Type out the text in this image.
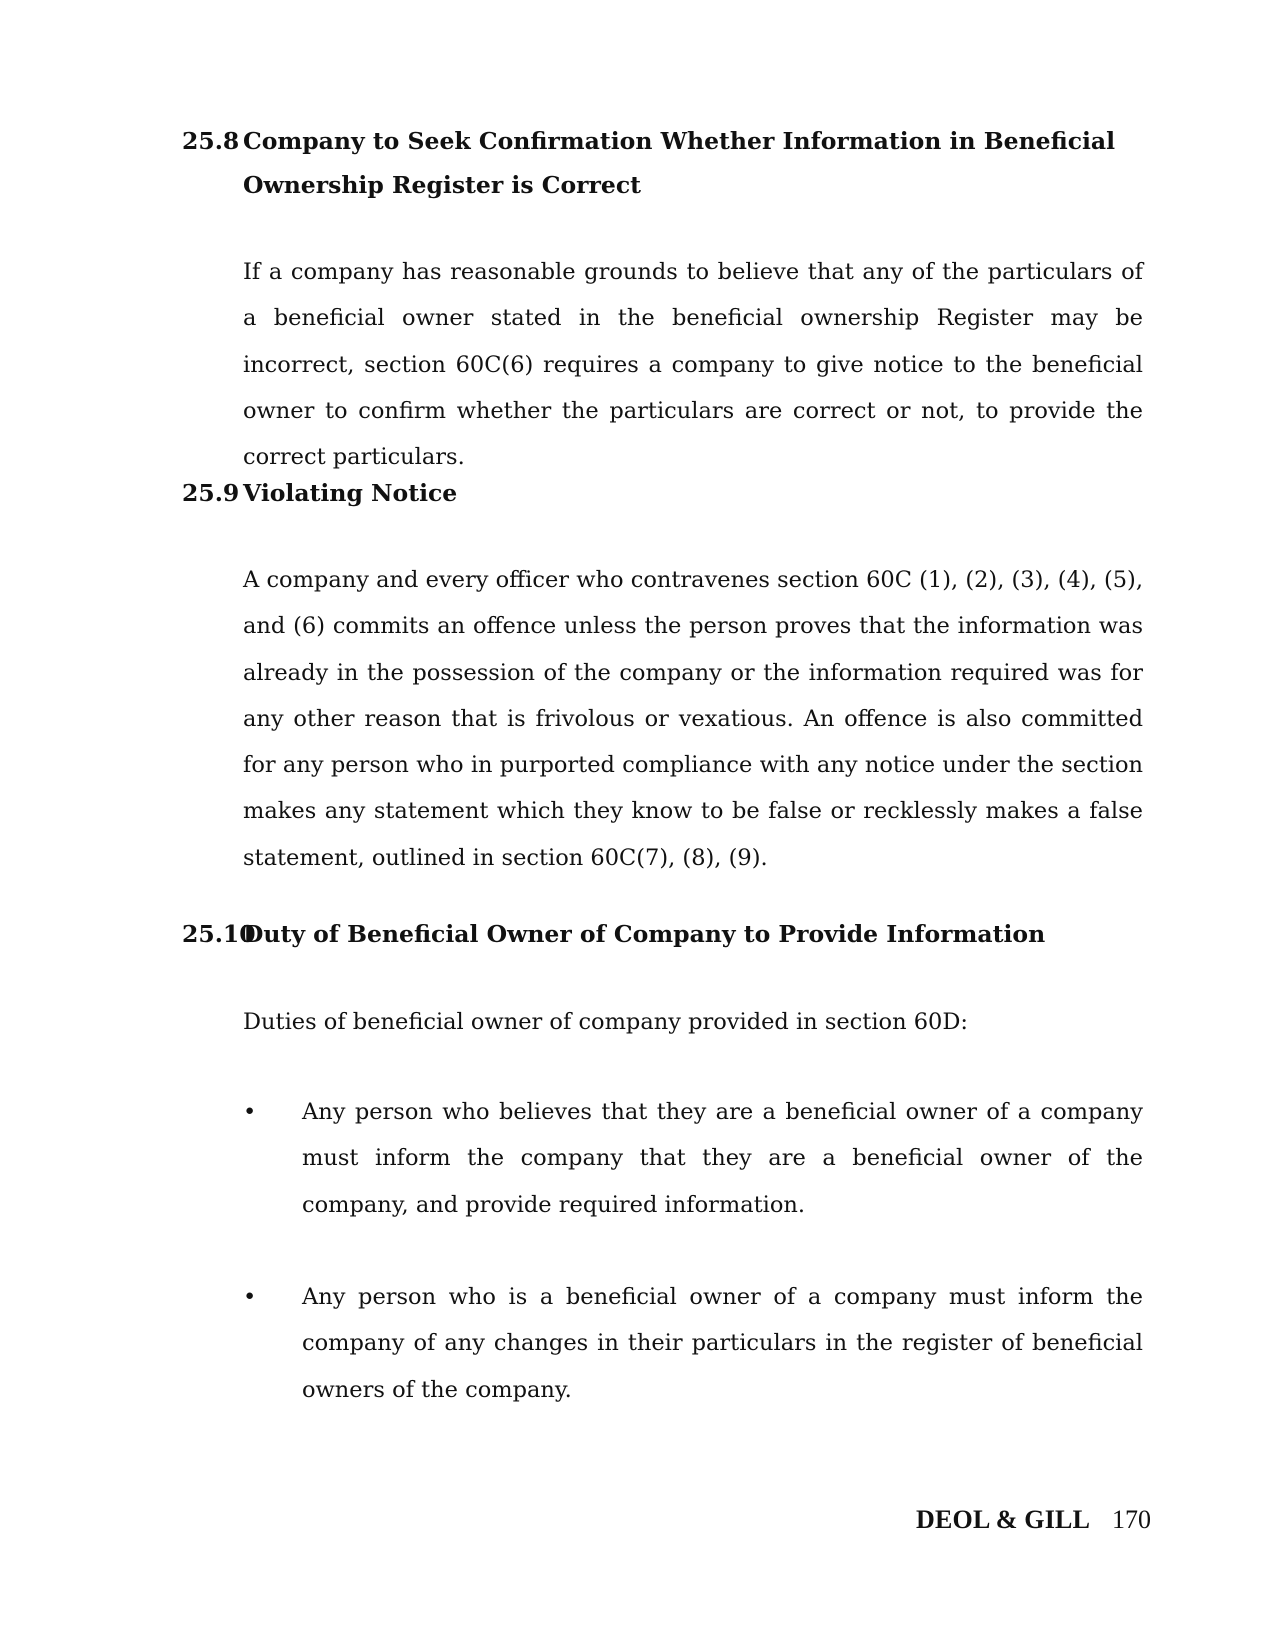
25.8 Company to Seek Confirmation Whether Information in Beneficial Ownership Register is Correct

If a company has reasonable grounds to believe that any of the particulars of a beneficial owner stated in the beneficial ownership Register may be incorrect, section 60C(6) requires a company to give notice to the beneficial owner to confirm whether the particulars are correct or not, to provide the correct particulars.

25.9 Violating Notice

A company and every officer who contravenes section 60C (1), (2), (3), (4), (5), and (6) commits an offence unless the person proves that the information was already in the possession of the company or the information required was for any other reason that is frivolous or vexatious. An offence is also committed for any person who in purported compliance with any notice under the section makes any statement which they know to be false or recklessly makes a false statement, outlined in section 60C(7), (8), (9).

25.10
Duty of Beneficial Owner of Company to Provide Information

Duties of beneficial owner of company provided in section 60D:

• Any person who believes that they are a beneficial owner of a company must inform the company that they are a beneficial owner of the company, and provide required information.
• Any person who is a beneficial owner of a company must inform the company of any changes in their particulars in the register of beneficial owners of the company.
DEOL & GILL 170
